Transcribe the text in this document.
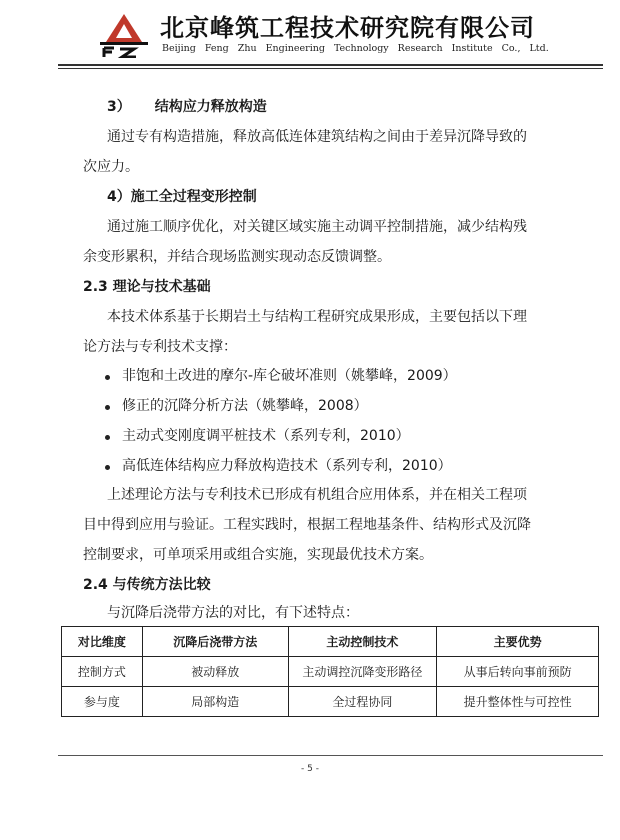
北京峰筑工程技术研究院有限公司
Beijing Feng Zhu Engineering Technology Research Institute Co., Ltd.
3） 结构应力释放构造
通过专有构造措施，释放高低连体建筑结构之间由于差异沉降导致的
次应力。
4）施工全过程变形控制
通过施工顺序优化，对关键区域实施主动调平控制措施，减少结构残
余变形累积，并结合现场监测实现动态反馈调整。
2.3 理论与技术基础
本技术体系基于长期岩土与结构工程研究成果形成，主要包括以下理
论方法与专利技术支撑：
非饱和土改进的摩尔-库仑破坏准则（姚攀峰，2009）
修正的沉降分析方法（姚攀峰，2008）
主动式变刚度调平桩技术（系列专利，2010）
高低连体结构应力释放构造技术（系列专利，2010）
上述理论方法与专利技术已形成有机组合应用体系，并在相关工程项
目中得到应用与验证。工程实践时，根据工程地基条件、结构形式及沉降
控制要求，可单项采用或组合实施，实现最优技术方案。
2.4 与传统方法比较
与沉降后浇带方法的对比，有下述特点：
对比维度	沉降后浇带方法	主动控制技术	主要优势
控制方式	被动释放	主动调控沉降变形路径	从事后转向事前预防
参与度	局部构造	全过程协同	提升整体性与可控性
- 5 -
